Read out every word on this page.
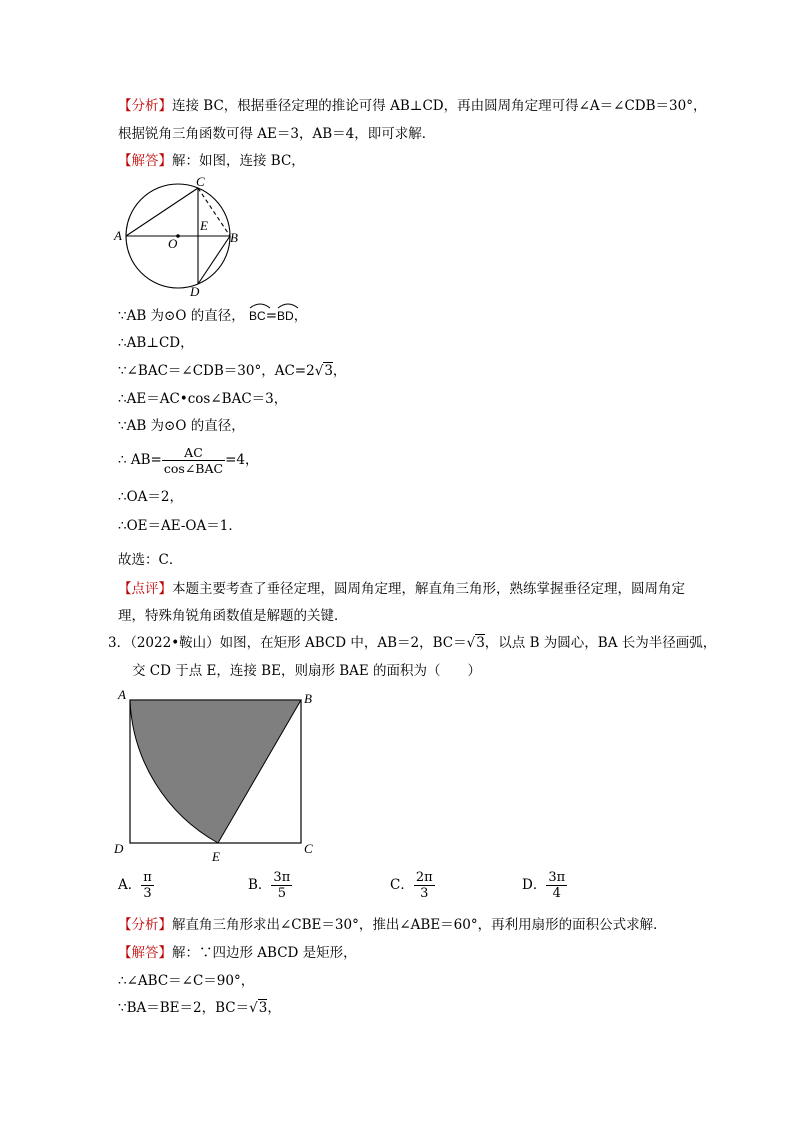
【分析】连接 BC，根据垂径定理的推论可得 AB⊥CD，再由圆周角定理可得∠A＝∠CDB＝30°，
根据锐角三角函数可得 AE＝3，AB＝4，即可求解．
【解答】解：如图，连接 BC，
A	B
C
D
E
O
∵AB 为⊙O 的直径， BC=
BD，
∴AB⊥CD，
∵∠BAC＝∠CDB＝30°，AC=2√3，
∴AE＝AC•cos∠BAC＝3，
∵AB 为⊙O 的直径，
∴ $AB= \frac{AC}{\text{cos∠BAC}} =4$，
∴OA＝2，
∴OE＝AE-OA＝1．
故选：C．
【点评】本题主要考查了垂径定理，圆周角定理，解直角三角形，熟练掌握垂径定理，圆周角定
理，特殊角锐角函数值是解题的关键．
3．（2022•鞍山）如图，在矩形 ABCD 中，AB＝2，BC＝√3，以点 B 为圆心，BA 长为半径画弧，
交 CD 于点 E，连接 BE，则扇形 BAE 的面积为（　　）
A	B
C
D
E
A． $\frac{\pi}{3}$	B． $\frac{3\pi}{5}$	C． $\frac{2\pi}{3}$	D． $\frac{3\pi}{4}$
【分析】解直角三角形求出∠CBE＝30°，推出∠ABE＝60°，再利用扇形的面积公式求解．
【解答】解：∵四边形 ABCD 是矩形，
∴∠ABC＝∠C＝90°，
∵BA＝BE＝2，BC＝√3，
